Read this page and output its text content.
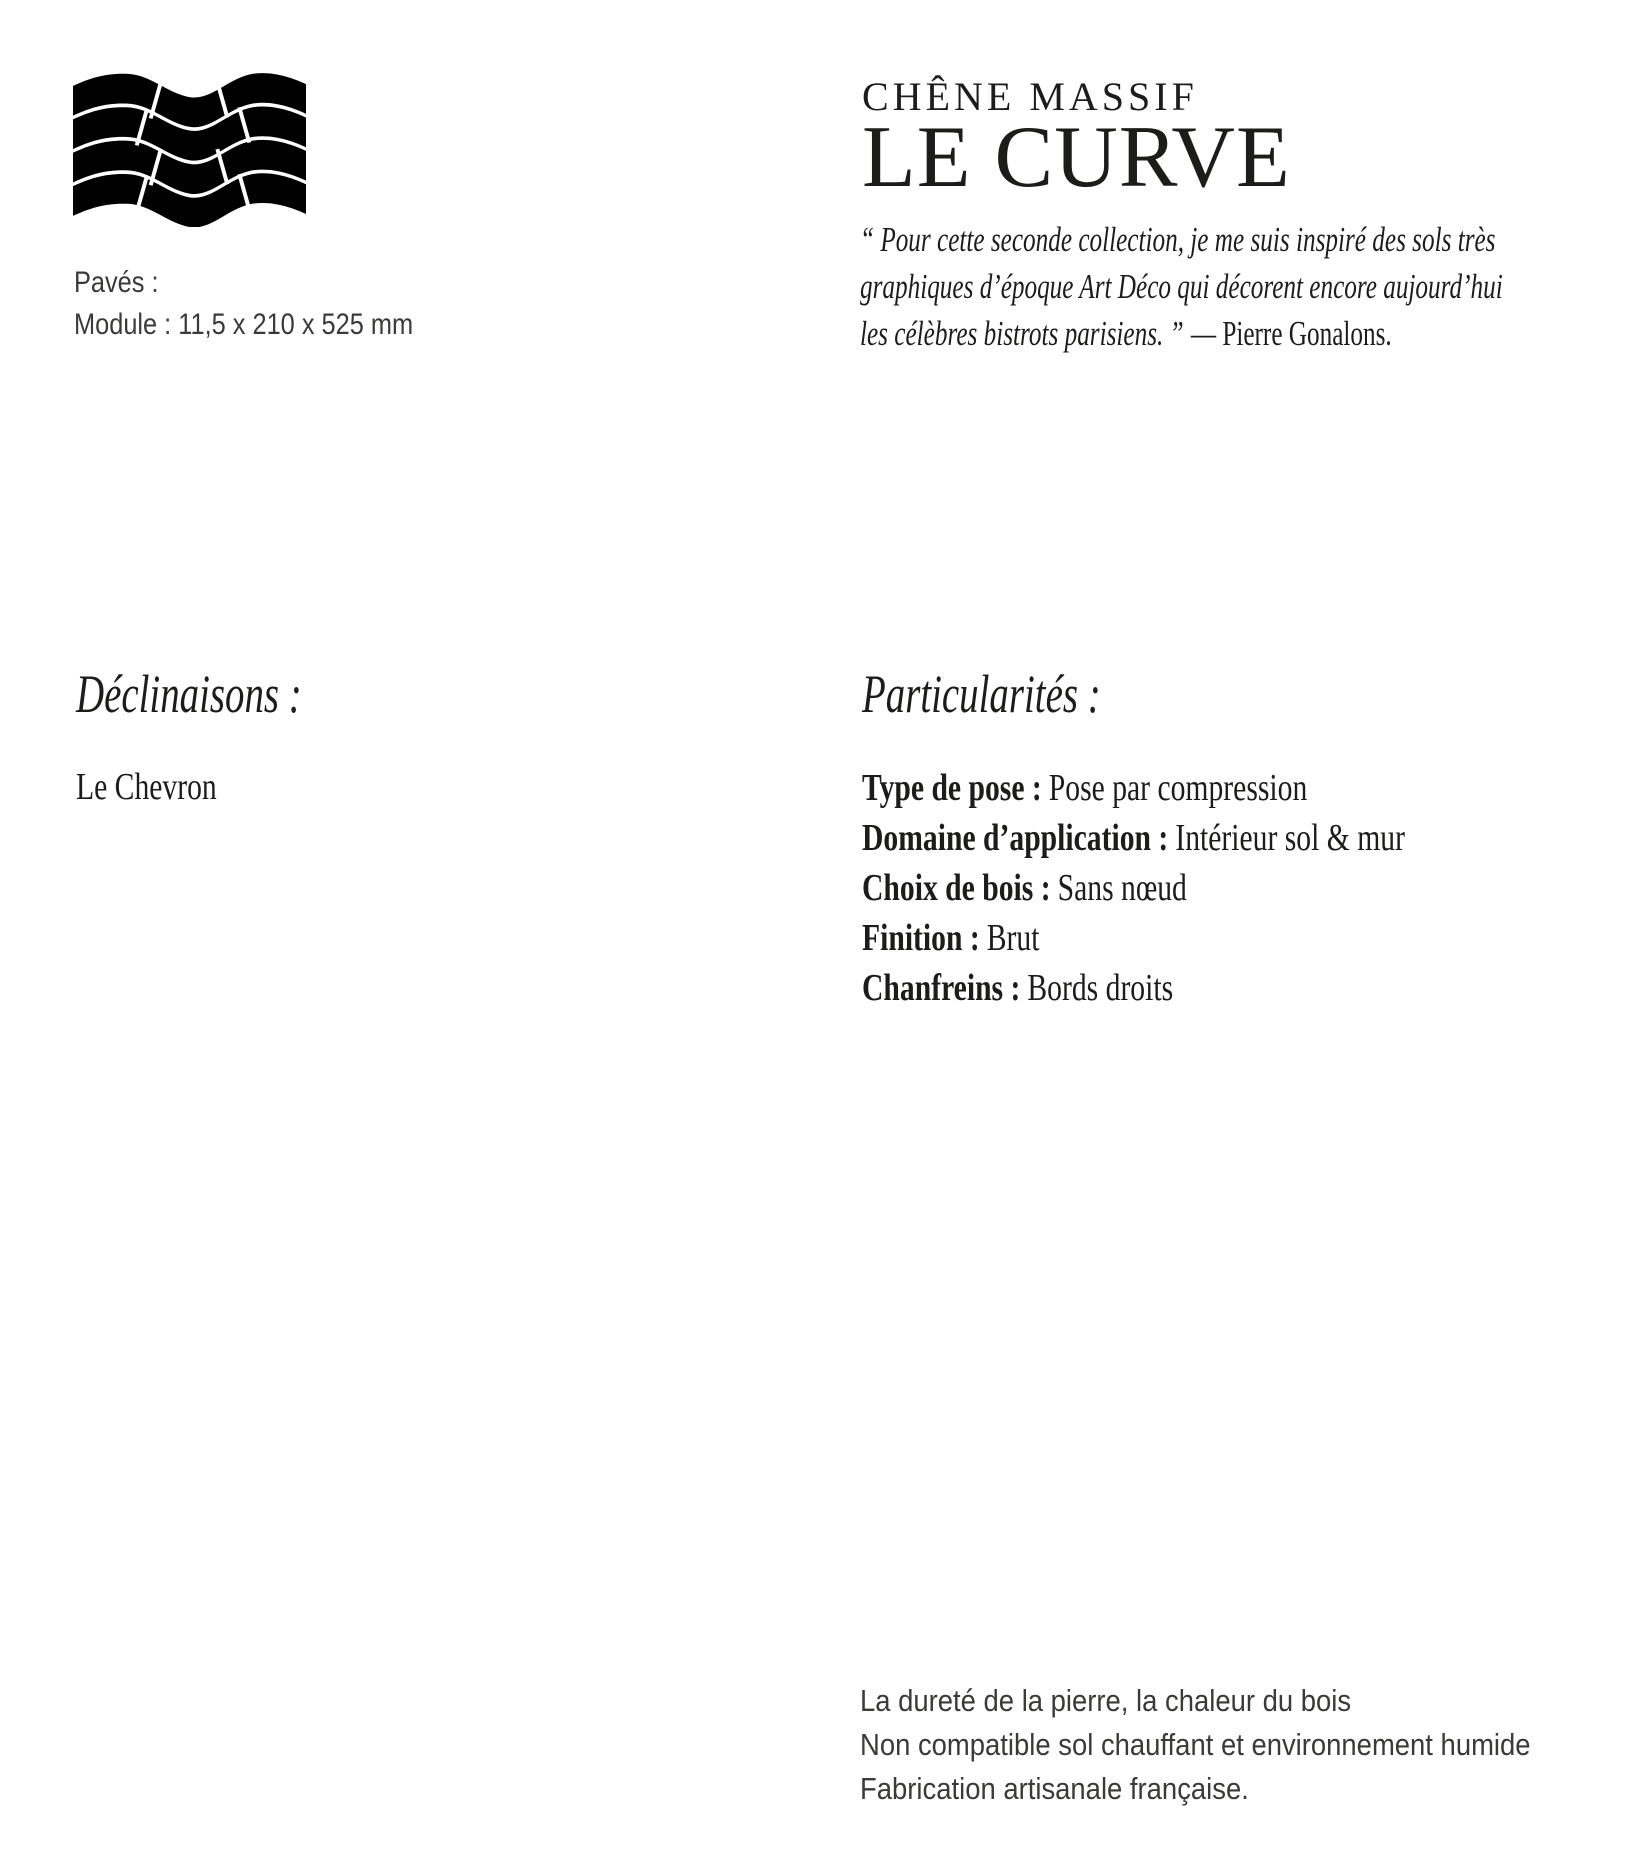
Pavés :
Module : 11,5 x 210 x 525 mm
CHÊNE MASSIF
LE CURVE
“ Pour cette seconde collection, je me suis inspiré des sols très
graphiques d’époque Art Déco qui décorent encore aujourd’hui
les célèbres bistrots parisiens. ” — Pierre Gonalons.
Déclinaisons :
Le Chevron
Particularités :
Type de pose : Pose par compression
Domaine d’application : Intérieur sol & mur
Choix de bois : Sans nœud
Finition : Brut
Chanfreins : Bords droits
La dureté de la pierre, la chaleur du bois
Non compatible sol chauffant et environnement humide
Fabrication artisanale française.
